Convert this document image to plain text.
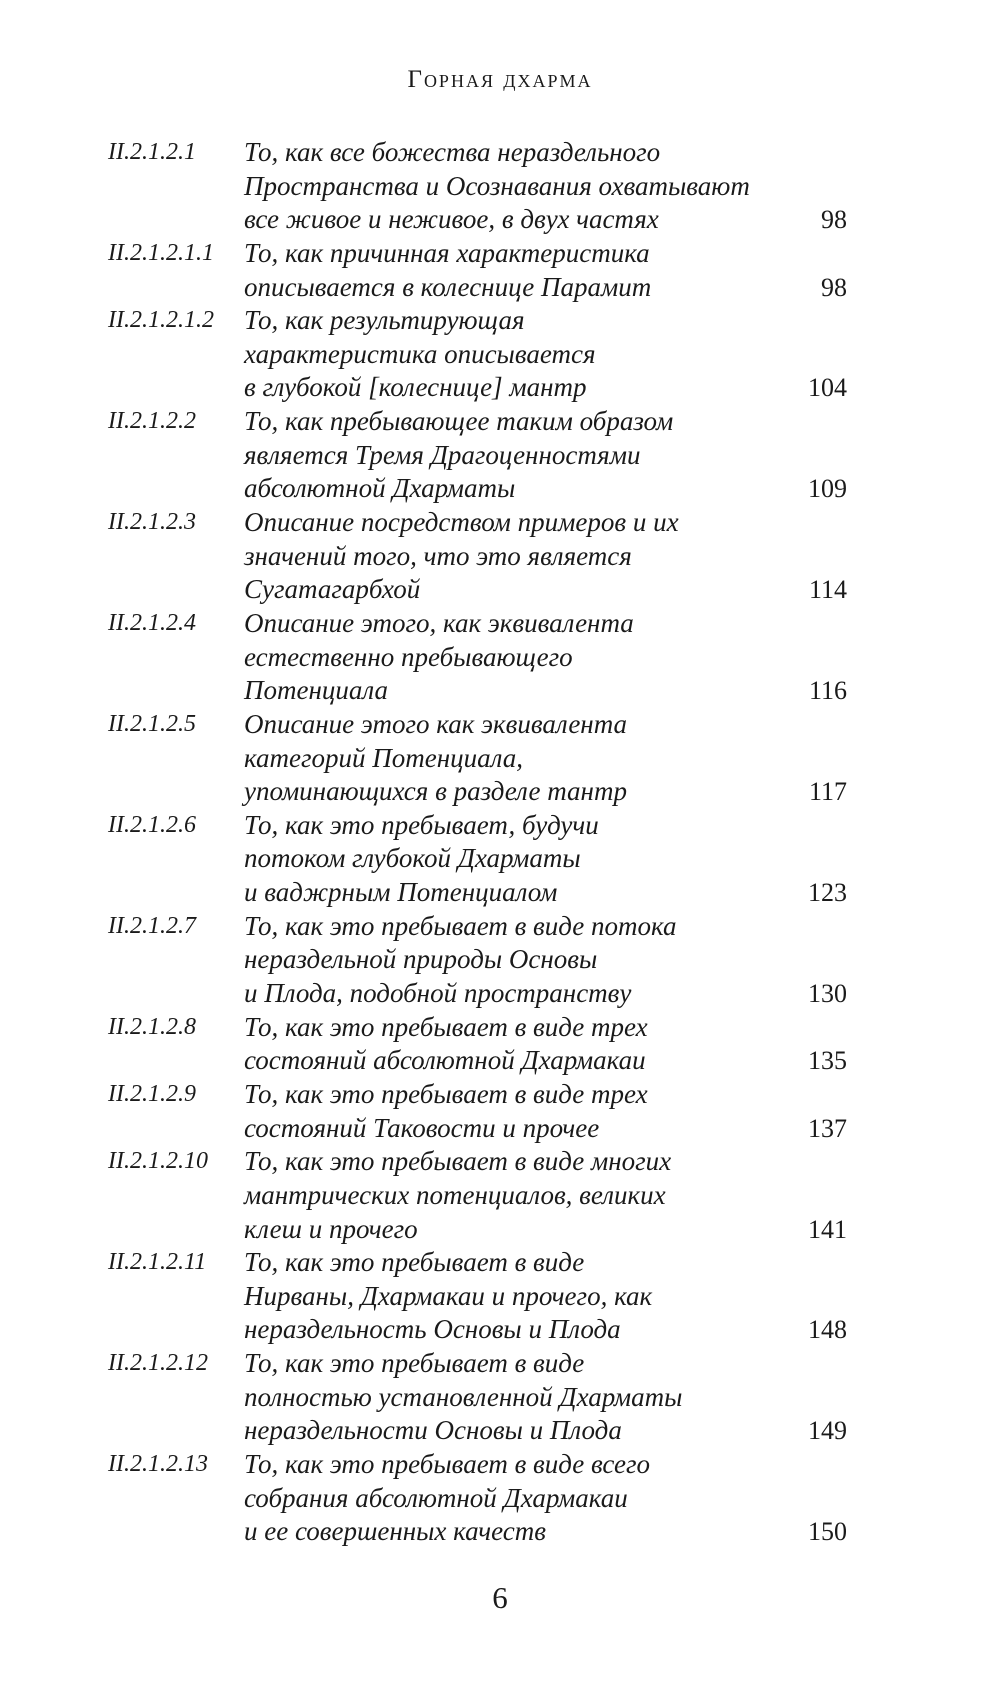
Горная дхарма
II.2.1.2.1 То, как все божества нераздельного
Пространства и Осознавания охватывают
все живое и неживое, в двух частях	98
II.2.1.2.1.1 То, как причинная характеристика
описывается в колеснице Парамит	98
II.2.1.2.1.2 То, как результирующая
характеристика описывается
в глубокой [колеснице] мантр	104
II.2.1.2.2 То, как пребывающее таким образом
является Тремя Драгоценностями
абсолютной Дхарматы	109
II.2.1.2.3 Описание посредством примеров и их
значений того, что это является
Сугатагарбхой	114
II.2.1.2.4 Описание этого, как эквивалента
естественно пребывающего
Потенциала	116
II.2.1.2.5 Описание этого как эквивалента
категорий Потенциала,
упоминающихся в разделе тантр	117
II.2.1.2.6 То, как это пребывает, будучи
потоком глубокой Дхарматы
и ваджрным Потенциалом	123
II.2.1.2.7 То, как это пребывает в виде потока
нераздельной природы Основы
и Плода, подобной пространству	130
II.2.1.2.8 То, как это пребывает в виде трех
состояний абсолютной Дхармакаи	135
II.2.1.2.9 То, как это пребывает в виде трех
состояний Таковости и прочее	137
II.2.1.2.10 То, как это пребывает в виде многих
мантрических потенциалов, великих
клеш и прочего	141
II.2.1.2.11 То, как это пребывает в виде
Нирваны, Дхармакаи и прочего, как
нераздельность Основы и Плода	148
II.2.1.2.12 То, как это пребывает в виде
полностью установленной Дхарматы
нераздельности Основы и Плода	149
II.2.1.2.13 То, как это пребывает в виде всего
собрания абсолютной Дхармакаи
и ее совершенных качеств	150
6
